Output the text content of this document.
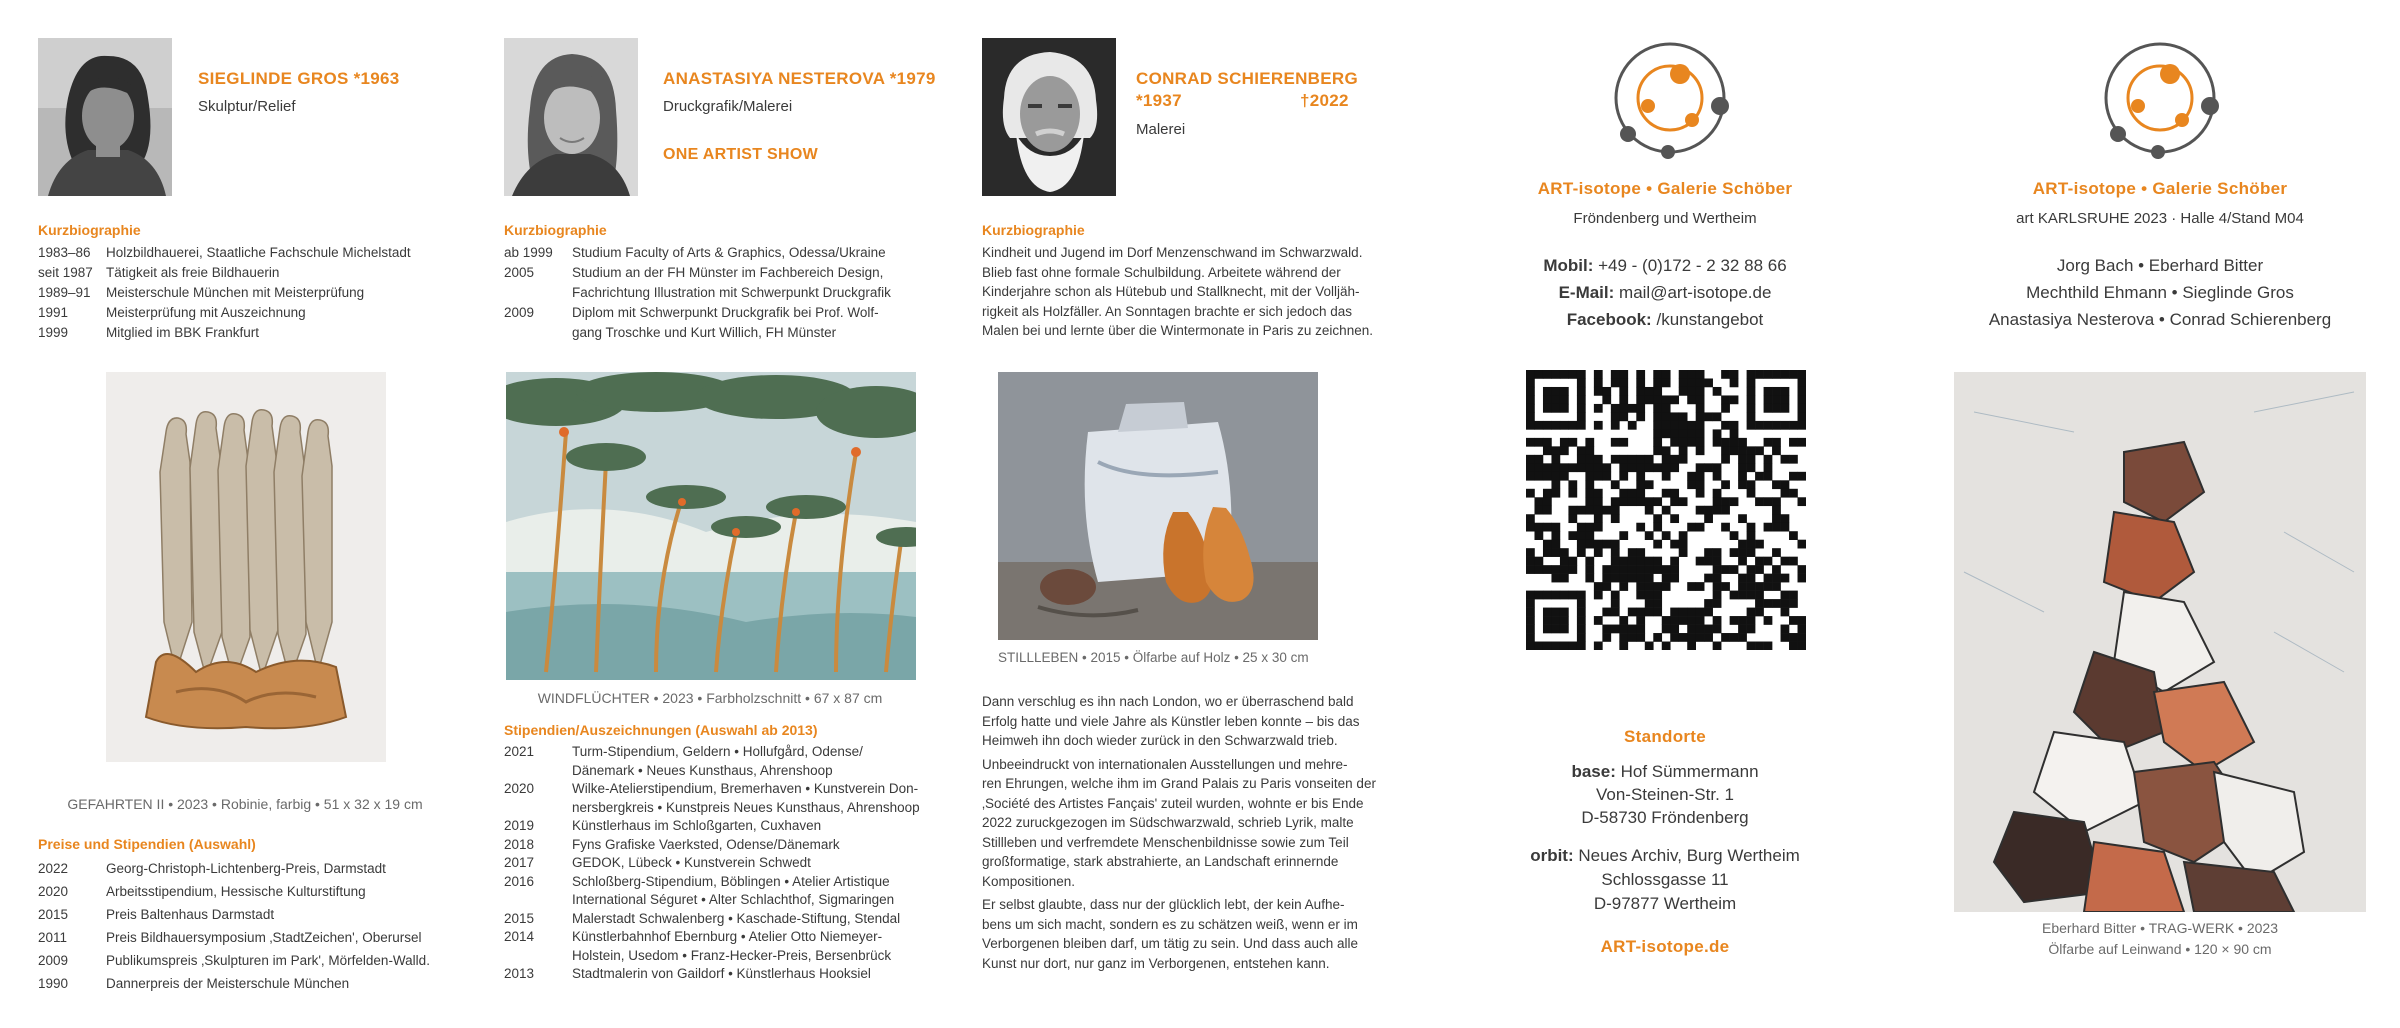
SIEGLINDE GROS *1963
Skulptur/Relief
Kurzbiographie
1983–86	Holzbildhauerei, Staatliche Fachschule Michelstadt
seit 1987 Tätigkeit als freie Bildhauerin
1989–91	Meisterschule München mit Meisterprüfung
1991	Meisterprüfung mit Auszeichnung
1999	Mitglied im BBK Frankfurt
GEFAHRTEN II • 2023 • Robinie, farbig • 51 x 32 x 19 cm
Preise und Stipendien (Auswahl)
2022	Georg-Christoph-Lichtenberg-Preis, Darmstadt
2020	Arbeitsstipendium, Hessische Kulturstiftung
2015	Preis Baltenhaus Darmstadt
2011	Preis Bildhauersymposium ‚StadtZeichen', Oberursel
2009	Publikumspreis ‚Skulpturen im Park', Mörfelden-Walld.
1990	Dannerpreis der Meisterschule München
ANASTASIYA NESTEROVA *1979
Druckgrafik/Malerei
ONE ARTIST SHOW
Kurzbiographie
ab 1999	Studium Faculty of Arts & Graphics, Odessa/Ukraine
2005	Studium an der FH Münster im Fachbereich Design,
Fachrichtung Illustration mit Schwerpunkt Druckgrafik
2009	Diplom mit Schwerpunkt Druckgrafik bei Prof. Wolf-
gang Troschke und Kurt Willich, FH Münster
WINDFLÜCHTER • 2023 • Farbholzschnitt • 67 x 87 cm
Stipendien/Auszeichnungen (Auswahl ab 2013)
2021	Turm-Stipendium, Geldern • Hollufgård, Odense/
Dänemark • Neues Kunsthaus, Ahrenshoop
2020	Wilke-Atelierstipendium, Bremerhaven • Kunstverein Don-
nersbergkreis • Kunstpreis Neues Kunsthaus, Ahrenshoop
2019	Künstlerhaus im Schloßgarten, Cuxhaven
2018	Fyns Grafiske Vaerksted, Odense/Dänemark
2017	GEDOK, Lübeck • Kunstverein Schwedt
2016	Schloßberg-Stipendium, Böblingen • Atelier Artistique
International Séguret • Alter Schlachthof, Sigmaringen
2015	Malerstadt Schwalenberg • Kaschade-Stiftung, Stendal
2014	Künstlerbahnhof Ebernburg • Atelier Otto Niemeyer-
Holstein, Usedom • Franz-Hecker-Preis, Bersenbrück
2013	Stadtmalerin von Gaildorf • Künstlerhaus Hooksiel
CONRAD SCHIERENBERG
*1937	†2022
Malerei
Kurzbiographie

Kindheit und Jugend im Dorf Menzenschwand im Schwarzwald.
Blieb fast ohne formale Schulbildung. Arbeitete während der
Kinderjahre schon als Hütebub und Stallknecht, mit der Volljäh-
rigkeit als Holzfäller. An Sonntagen brachte er sich jedoch das
Malen bei und lernte über die Wintermonate in Paris zu zeichnen.

STILLLEBEN • 2015 • Ölfarbe auf Holz • 25 x 30 cm

Dann verschlug es ihn nach London, wo er überraschend bald
Erfolg hatte und viele Jahre als Künstler leben konnte – bis das
Heimweh ihn doch wieder zurück in den Schwarzwald trieb.

Unbeeindruckt von internationalen Ausstellungen und mehre-
ren Ehrungen, welche ihm im Grand Palais zu Paris vonseiten der
‚Société des Artistes Fançais' zuteil wurden, wohnte er bis Ende
2022 zuruckgezogen im Südschwarzwald, schrieb Lyrik, malte
Stillleben und verfremdete Menschenbildnisse sowie zum Teil
großformatige, stark abstrahierte, an Landschaft erinnernde
Kompositionen.

Er selbst glaubte, dass nur der glücklich lebt, der kein Aufhe-
bens um sich macht, sondern es zu schätzen weiß, wenn er im
Verborgenen bleiben darf, um tätig zu sein. Und dass auch alle
Kunst nur dort, nur ganz im Verborgenen, entstehen kann.

ART-isotope • Galerie Schöber
Fröndenberg und Wertheim
Mobil: +49 - (0)172 - 2 32 88 66
E-Mail: mail@art-isotope.de
Facebook: /kunstangebot
Standorte
base: Hof Sümmermann
Von-Steinen-Str. 1
D-58730 Fröndenberg
orbit: Neues Archiv, Burg Wertheim
Schlossgasse 11
D-97877 Wertheim
ART-isotope.de
ART-isotope • Galerie Schöber
art KARLSRUHE 2023 · Halle 4/Stand M04
Jorg Bach • Eberhard Bitter
Mechthild Ehmann • Sieglinde Gros
Anastasiya Nesterova • Conrad Schierenberg
Eberhard Bitter • TRAG-WERK • 2023
Ölfarbe auf Leinwand • 120 × 90 cm
